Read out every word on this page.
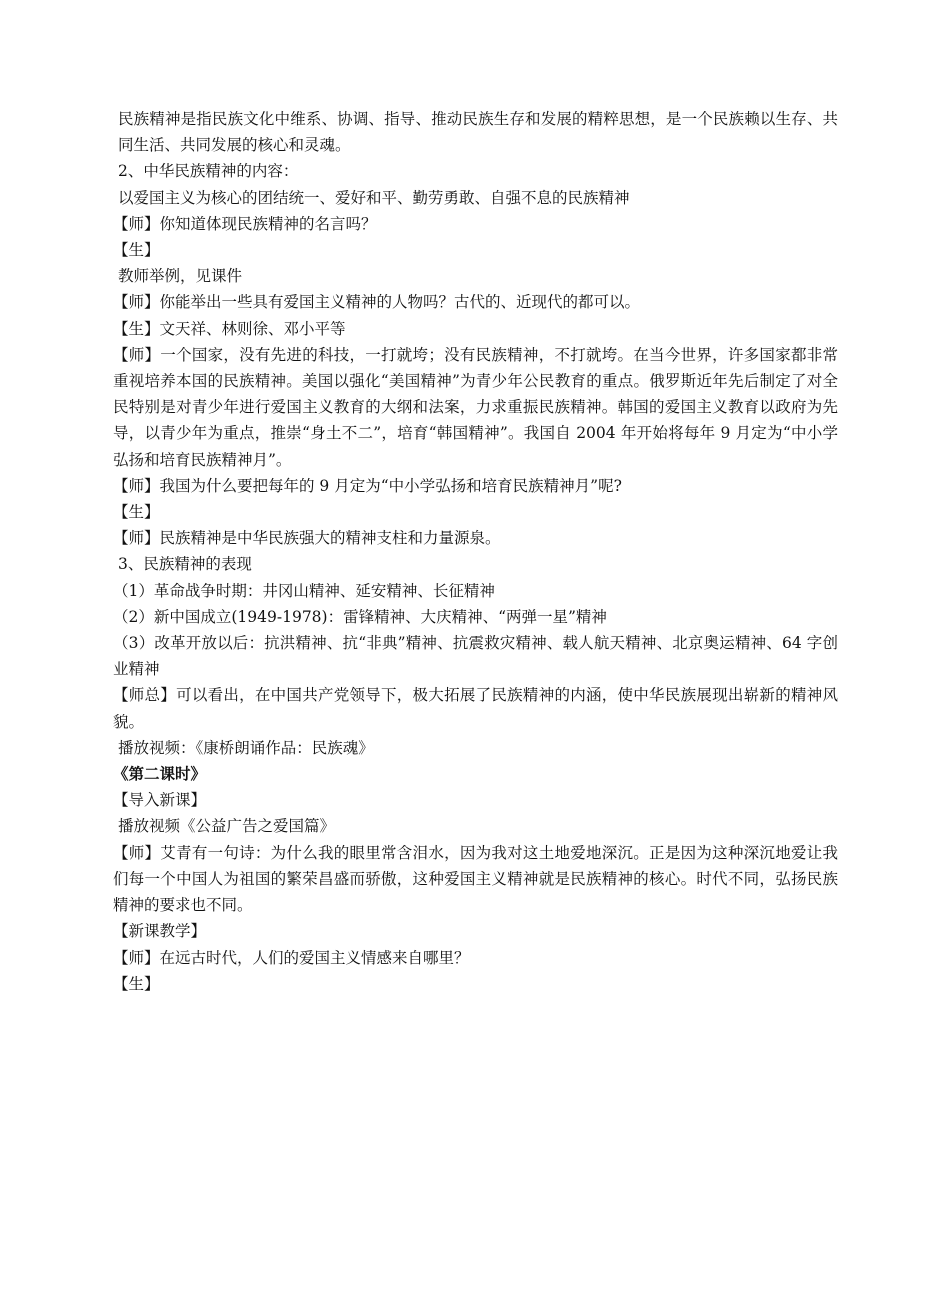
民族精神是指民族文化中维系、协调、指导、推动民族生存和发展的精粹思想，是一个民族赖以生存、共同生活、共同发展的核心和灵魂。

2、中华民族精神的内容：

以爱国主义为核心的团结统一、爱好和平、勤劳勇敢、自强不息的民族精神

【师】你知道体现民族精神的名言吗？

【生】

教师举例，见课件

【师】你能举出一些具有爱国主义精神的人物吗？古代的、近现代的都可以。

【生】文天祥、林则徐、邓小平等

【师】一个国家，没有先进的科技，一打就垮；没有民族精神，不打就垮。在当今世界，许多国家都非常重视培养本国的民族精神。美国以强化“美国精神”为青少年公民教育的重点。俄罗斯近年先后制定了对全民特别是对青少年进行爱国主义教育的大纲和法案，力求重振民族精神。韩国的爱国主义教育以政府为先导，以青少年为重点，推崇“身土不二”，培育“韩国精神”。我国自 2004 年开始将每年 9 月定为“中小学弘扬和培育民族精神月”。

【师】我国为什么要把每年的 9 月定为“中小学弘扬和培育民族精神月”呢?

【生】

【师】民族精神是中华民族强大的精神支柱和力量源泉。

3、民族精神的表现

（1）革命战争时期：井冈山精神、延安精神、长征精神

（2）新中国成立(1949-1978)：雷锋精神、大庆精神、“两弹一星”精神

（3）改革开放以后：抗洪精神、抗“非典”精神、抗震救灾精神、载人航天精神、北京奥运精神、64 字创业精神

【师总】可以看出，在中国共产党领导下，极大拓展了民族精神的内涵，使中华民族展现出崭新的精神风貌。

播放视频：《康桥朗诵作品：民族魂》

《第二课时》

【导入新课】

播放视频《公益广告之爱国篇》

【师】艾青有一句诗：为什么我的眼里常含泪水，因为我对这土地爱地深沉。正是因为这种深沉地爱让我们每一个中国人为祖国的繁荣昌盛而骄傲，这种爱国主义精神就是民族精神的核心。时代不同，弘扬民族精神的要求也不同。

【新课教学】

【师】在远古时代，人们的爱国主义情感来自哪里？

【生】
